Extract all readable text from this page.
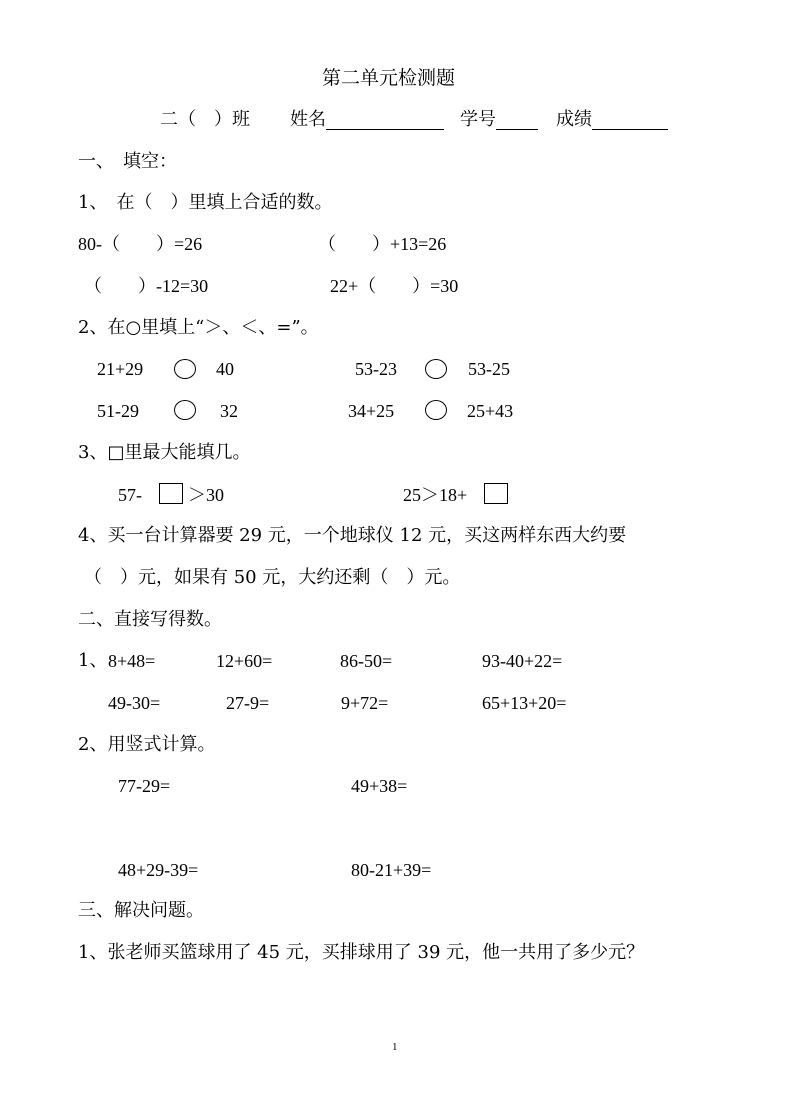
第二单元检测题
二（　）班 姓名	学号	成绩
一、　填空：
1、　在（　）里填上合适的数。
80-（　　）=26	（　　）+13=26
（　　）-12=30	22+（　　）=30
2、在○里填上“＞、＜、=”。
21+29	40	53-23	53-25
51-29	32	34+25	25+43
3、□里最大能填几。
57-	＞30	25＞18+
4、买一台计算器要 29 元，一个地球仪 12 元，买这两样东西大约要
（　）元，如果有 50 元，大约还剩（　）元。
二、直接写得数。
1、 8+48=	12+60=	86-50=	93-40+22=
49-30=	27-9=	9+72=	65+13+20=
2、用竖式计算。
77-29=	49+38=
48+29-39=	80-21+39=
三、解决问题。
1、张老师买篮球用了 45 元，买排球用了 39 元，他一共用了多少元？
1
